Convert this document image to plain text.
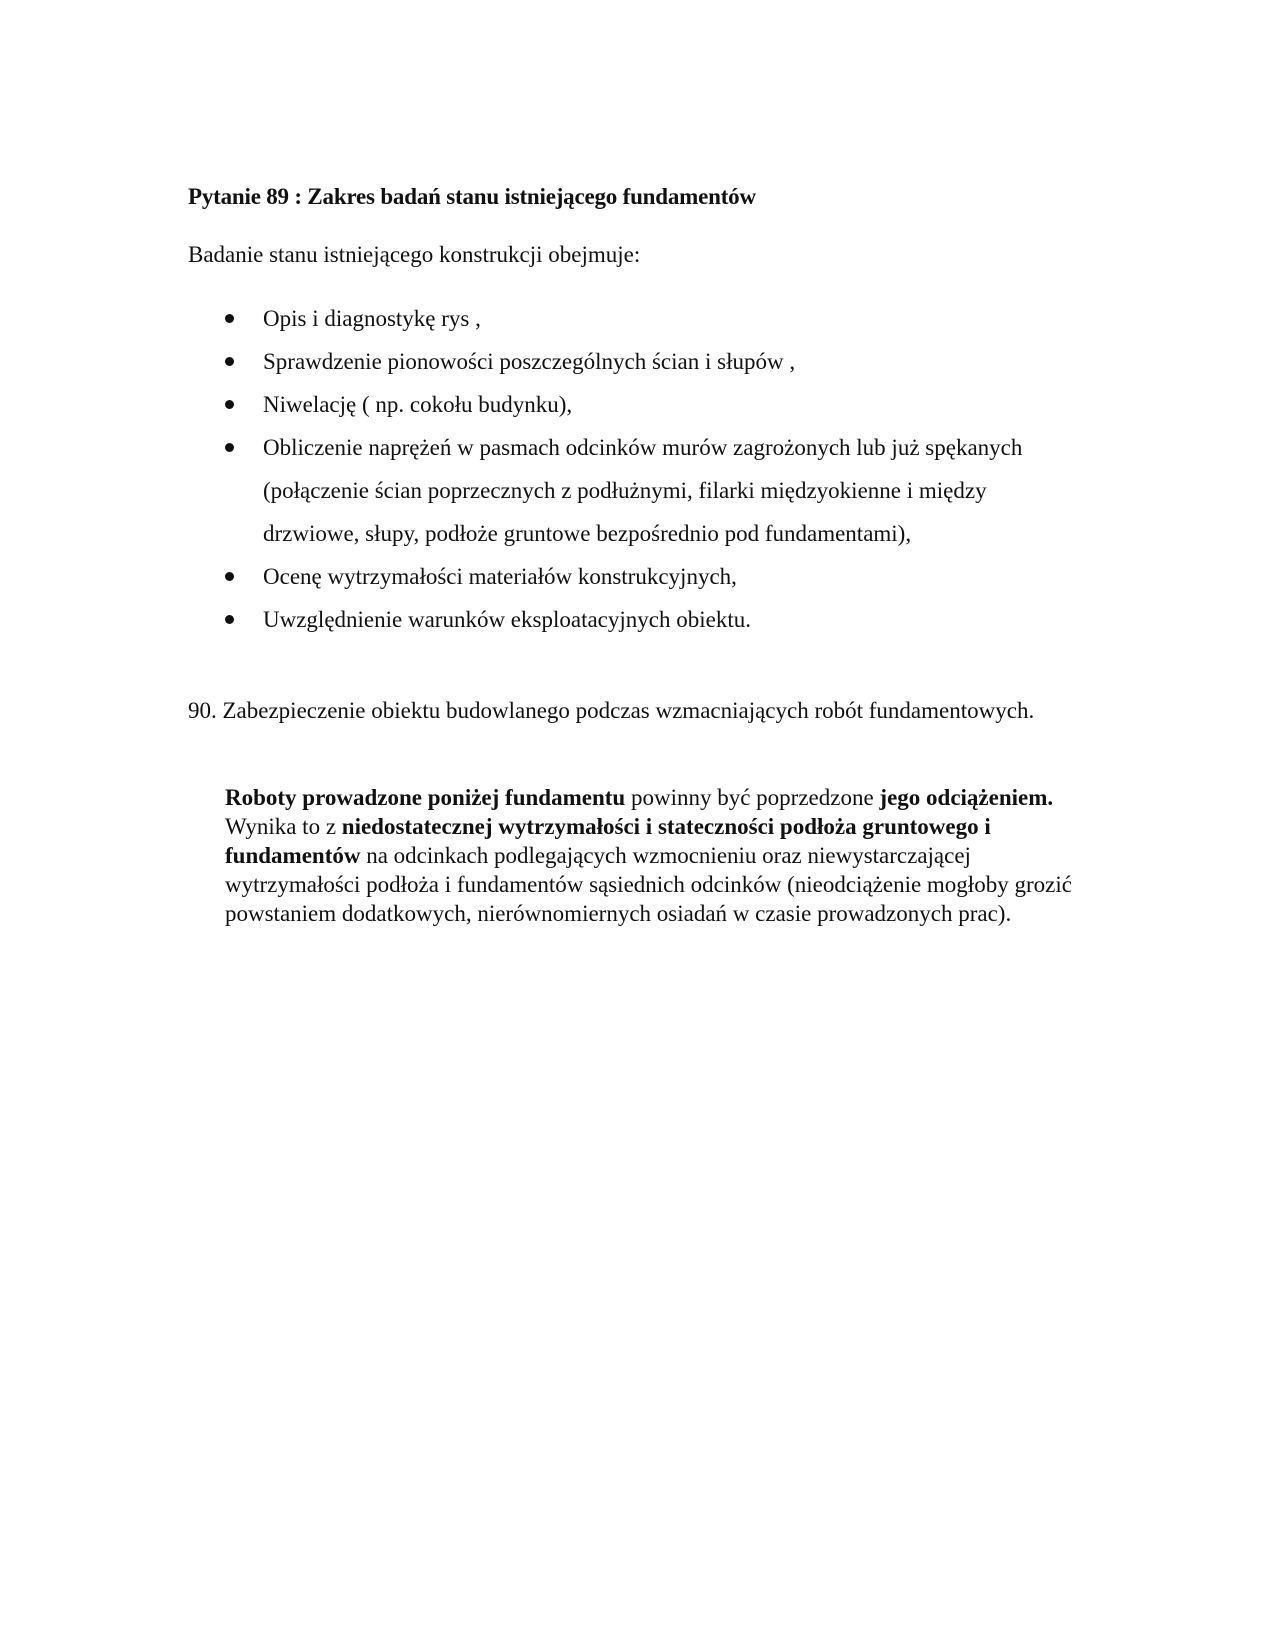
Pytanie 89 : Zakres badań stanu istniejącego fundamentów
Badanie stanu istniejącego konstrukcji obejmuje:
Opis i diagnostykę rys ,
Sprawdzenie pionowości poszczególnych ścian i słupów ,
Niwelację ( np. cokołu budynku),
Obliczenie naprężeń w pasmach odcinków murów zagrożonych lub już spękanych
(połączenie ścian poprzecznych z podłużnymi, filarki międzyokienne i między drzwiowe, słupy, podłoże gruntowe bezpośrednio pod fundamentami),
Ocenę wytrzymałości materiałów konstrukcyjnych,
Uwzględnienie warunków eksploatacyjnych obiektu.
90. Zabezpieczenie obiektu budowlanego podczas wzmacniających robót fundamentowych.
Roboty prowadzone poniżej fundamentu powinny być poprzedzone jego odciążeniem. Wynika to z niedostatecznej wytrzymałości i stateczności podłoża gruntowego i fundamentów na odcinkach podlegających wzmocnieniu oraz niewystarczającej wytrzymałości podłoża i fundamentów sąsiednich odcinków (nieodciążenie mogłoby grozić powstaniem dodatkowych, nierównomiernych osiadań w czasie prowadzonych prac).
